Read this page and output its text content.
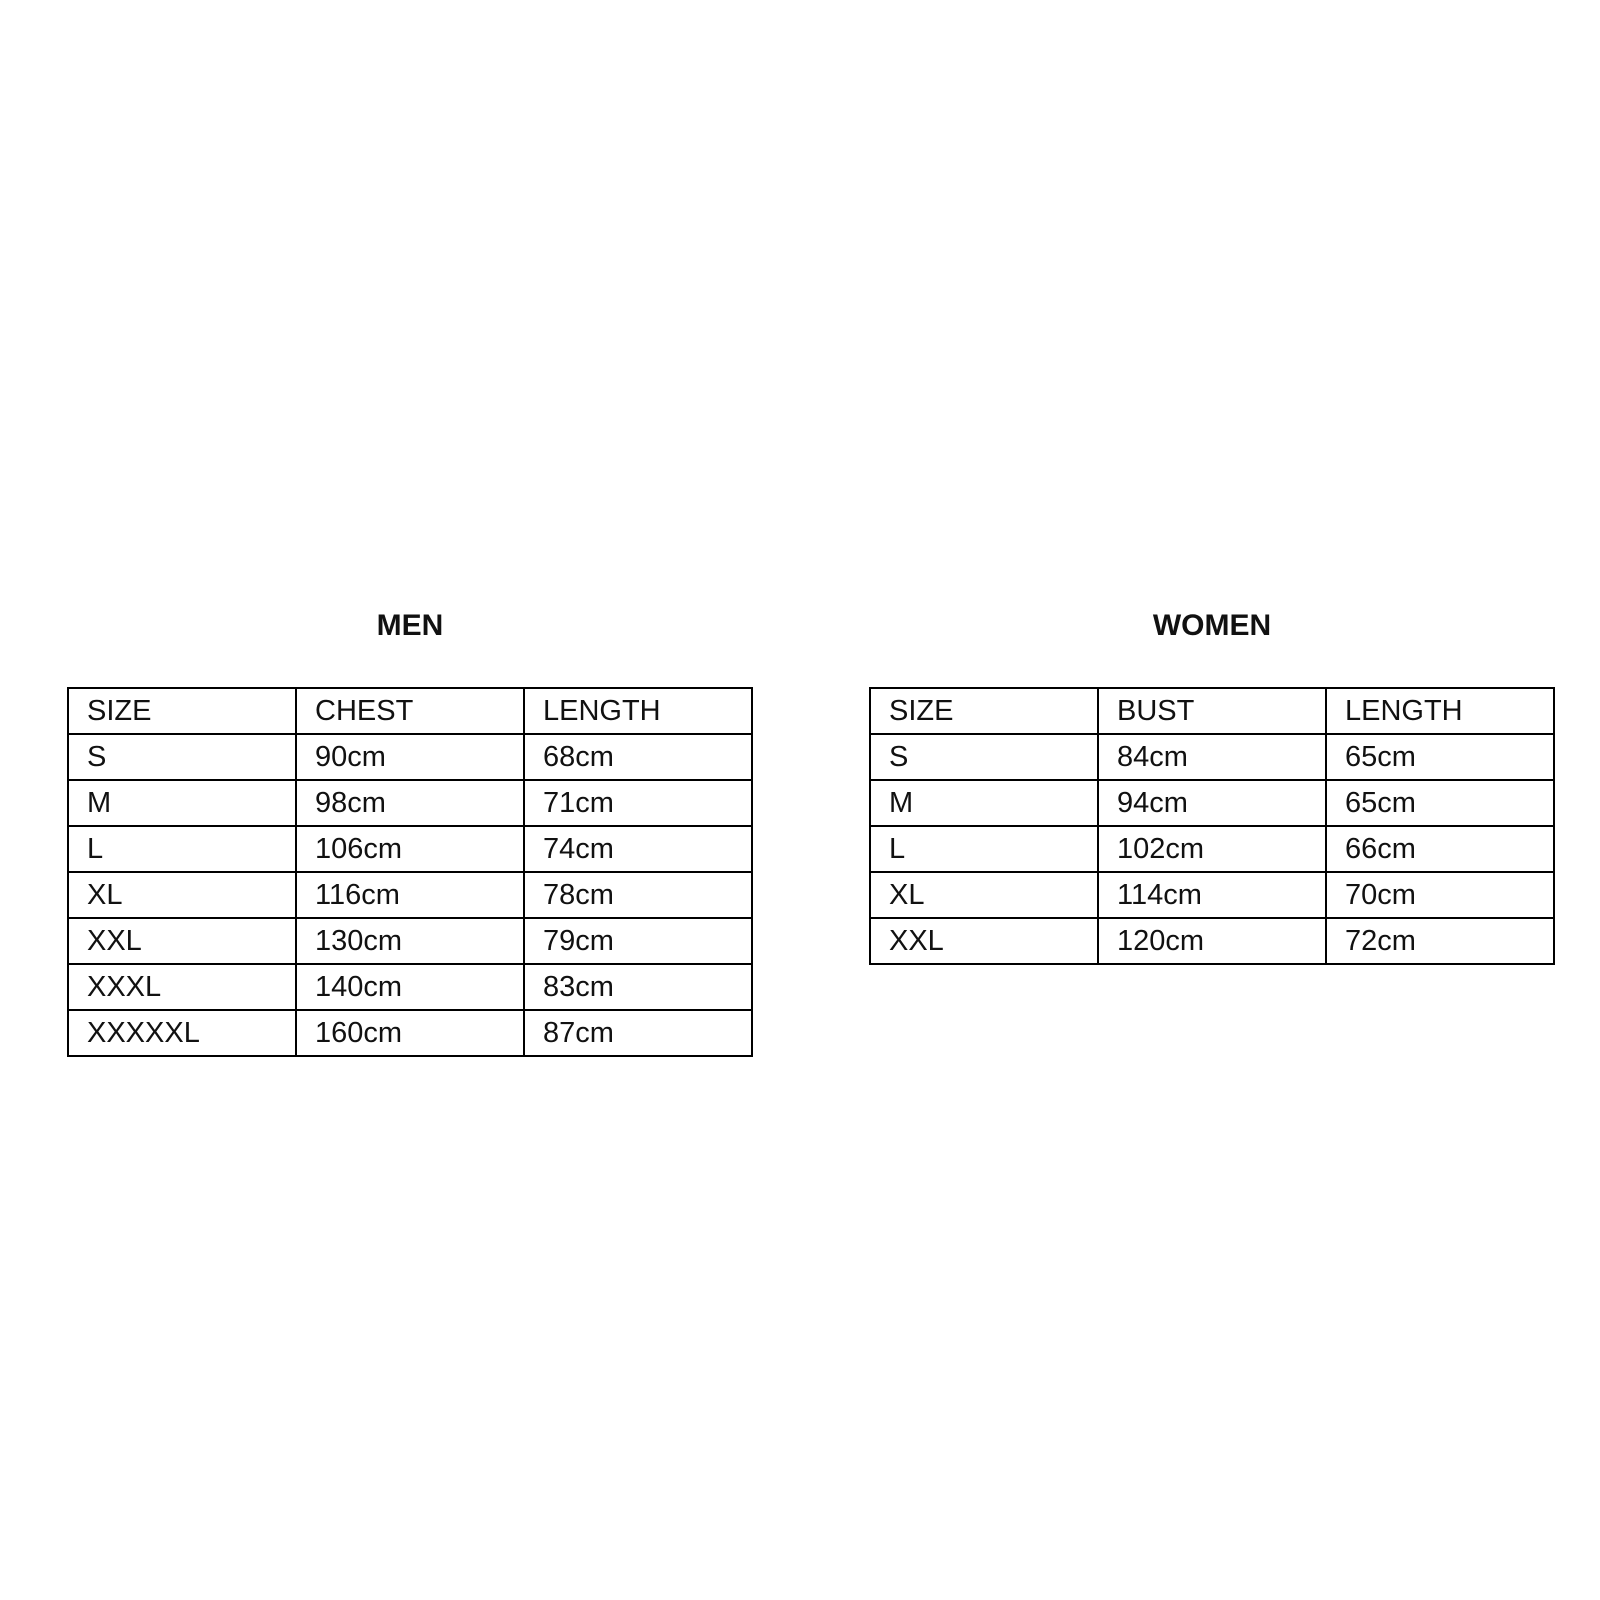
MEN
SIZE	CHEST	LENGTH
S	90cm	68cm
M	98cm	71cm
L	106cm	74cm
XL	116cm	78cm
XXL	130cm	79cm
XXXL	140cm	83cm
XXXXXL	160cm	87cm
WOMEN
SIZE	BUST	LENGTH
S	84cm	65cm
M	94cm	65cm
L	102cm	66cm
XL	114cm	70cm
XXL	120cm	72cm
